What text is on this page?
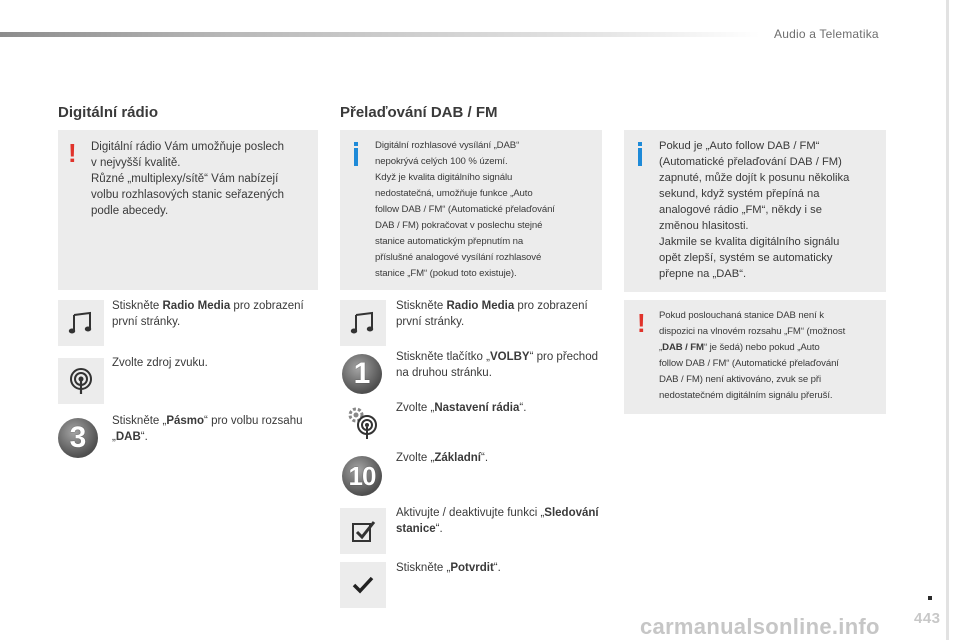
Audio a Telematika
Digitální rádio
! Digitální rádio Vám umožňuje poslech
v nejvyšší kvalitě.
Různé „multiplexy/sítě“ Vám nabízejí
volbu rozhlasových stanic seřazených
podle abecedy.
Stiskněte Radio Media pro zobrazení první stránky.
Zvolte zdroj zvuku.
3 Stiskněte „Pásmo“ pro volbu rozsahu „DAB“.
Přelaďování DAB / FM
Digitální rozhlasové vysílání „DAB“
nepokrývá celých 100 % území.
Když je kvalita digitálního signálu
nedostatečná, umožňuje funkce „Auto
follow DAB / FM“ (Automatické přelaďování
DAB / FM) pokračovat v poslechu stejné
stanice automatickým přepnutím na
příslušné analogové vysílání rozhlasové
stanice „FM“ (pokud toto existuje).
Stiskněte Radio Media pro zobrazení první stránky.
1 Stiskněte tlačítko „VOLBY“ pro přechod na druhou stránku.
Zvolte „Nastavení rádia“.
10
Zvolte „Základní“.
Aktivujte / deaktivujte funkci „Sledování stanice“.
Stiskněte „Potvrdit“.
Pokud je „Auto follow DAB / FM“
(Automatické přelaďování DAB / FM)
zapnuté, může dojít k posunu několika
sekund, když systém přepíná na
analogové rádio „FM“, někdy i se
změnou hlasitosti.
Jakmile se kvalita digitálního signálu
opět zlepší, systém se automaticky
přepne na „DAB“.
! Pokud poslouchaná stanice DAB není k
dispozici na vlnovém rozsahu „FM“ (možnost
„DAB / FM“ je šedá) nebo pokud „Auto
follow DAB / FM“ (Automatické přelaďování
DAB / FM) není aktivováno, zvuk se při
nedostatečném digitálním signálu přeruší.
carmanualsonline.info 443
